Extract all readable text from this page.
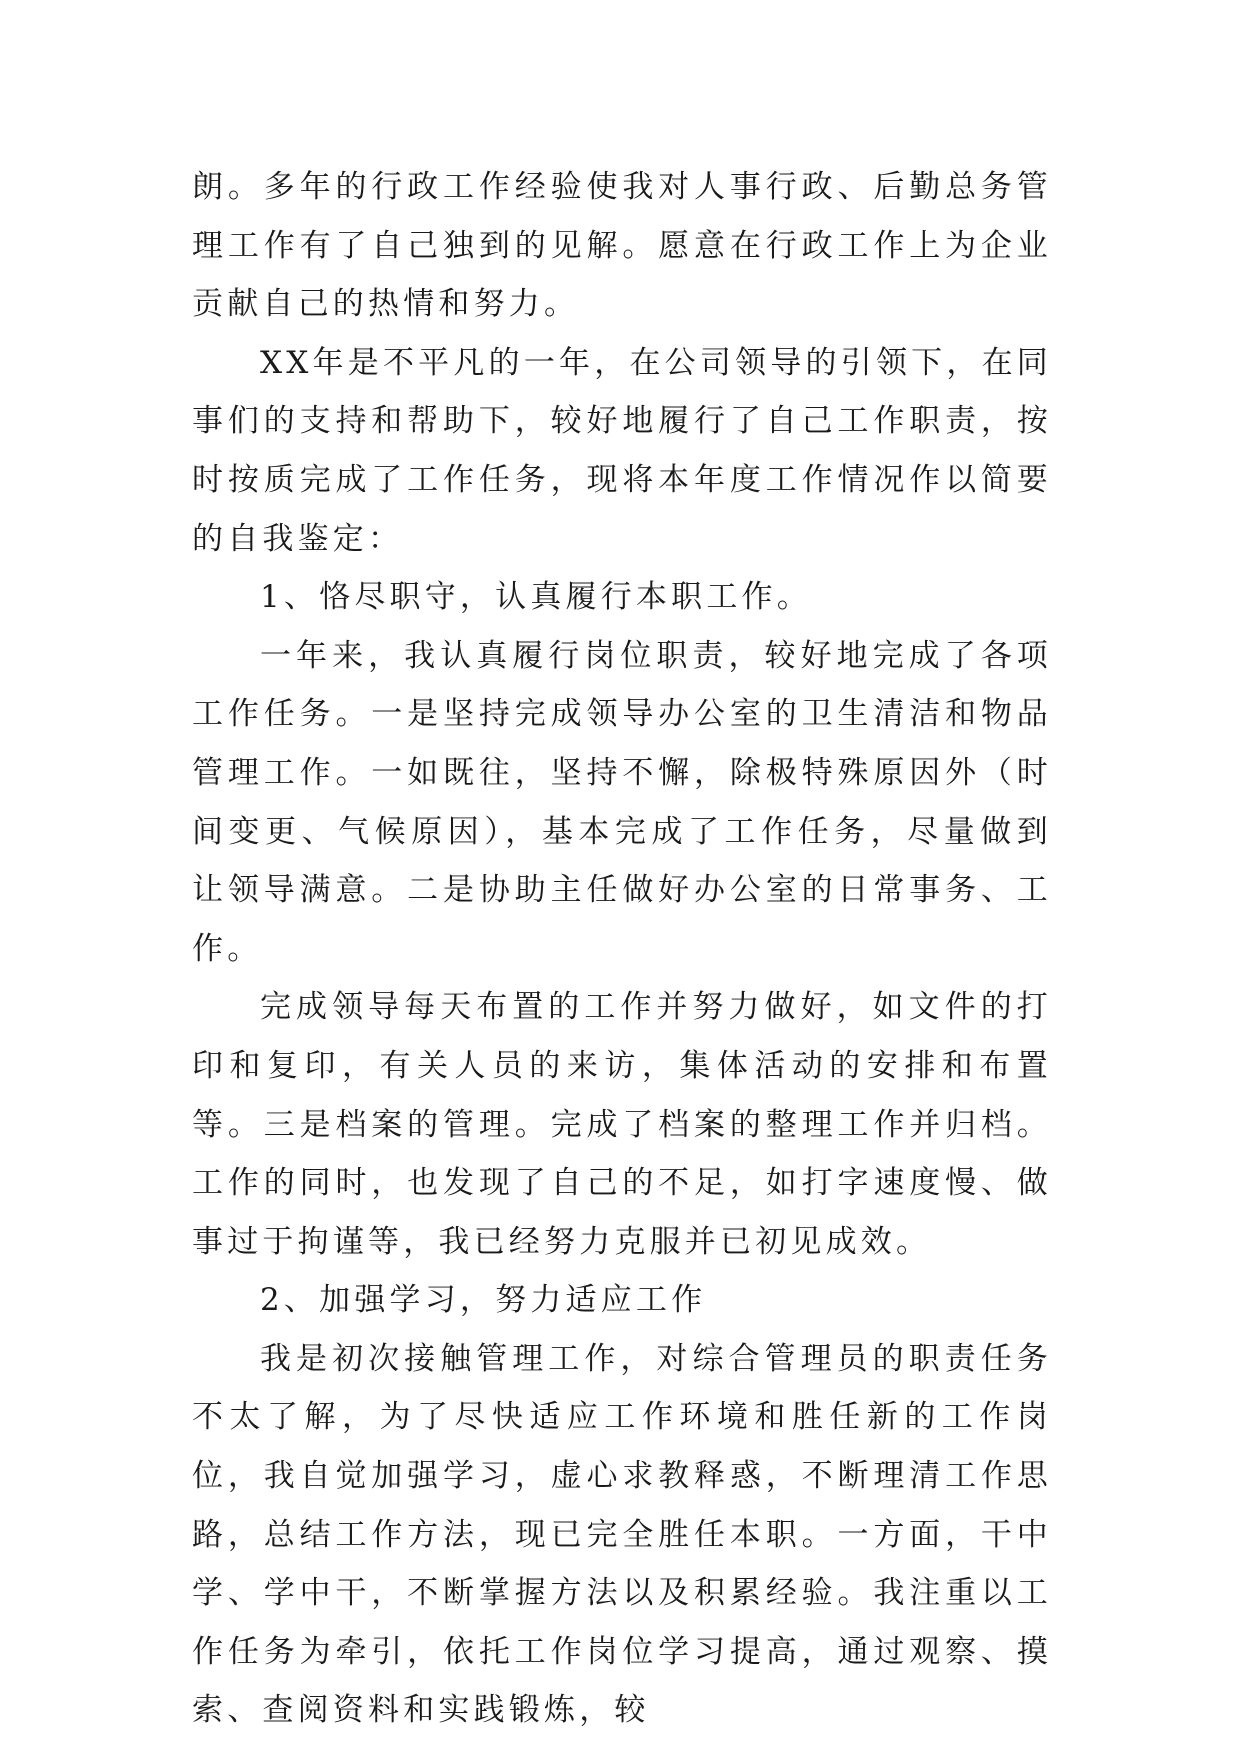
朗。多年的行政工作经验使我对人事行政、后勤总务管理工作有了自己独到的见解。愿意在行政工作上为企业贡献自己的热情和努力。

XX年是不平凡的一年，在公司领导的引领下，在同事们的支持和帮助下，较好地履行了自己工作职责，按时按质完成了工作任务，现将本年度工作情况作以简要的自我鉴定：

1、恪尽职守，认真履行本职工作。

一年来，我认真履行岗位职责，较好地完成了各项工作任务。一是坚持完成领导办公室的卫生清洁和物品管理工作。一如既往，坚持不懈，除极特殊原因外（时间变更、气候原因），基本完成了工作任务，尽量做到让领导满意。二是协助主任做好办公室的日常事务、工作。

完成领导每天布置的工作并努力做好，如文件的打印和复印，有关人员的来访，集体活动的安排和布置等。三是档案的管理。完成了档案的整理工作并归档。工作的同时，也发现了自己的不足，如打字速度慢、做事过于拘谨等，我已经努力克服并已初见成效。

2、加强学习，努力适应工作

我是初次接触管理工作，对综合管理员的职责任务不太了解，为了尽快适应工作环境和胜任新的工作岗位，我自觉加强学习，虚心求教释惑，不断理清工作思路，总结工作方法，现已完全胜任本职。一方面，干中学、学中干，不断掌握方法以及积累经验。我注重以工作任务为牵引，依托工作岗位学习提高，通过观察、摸索、查阅资料和实践锻炼，较
